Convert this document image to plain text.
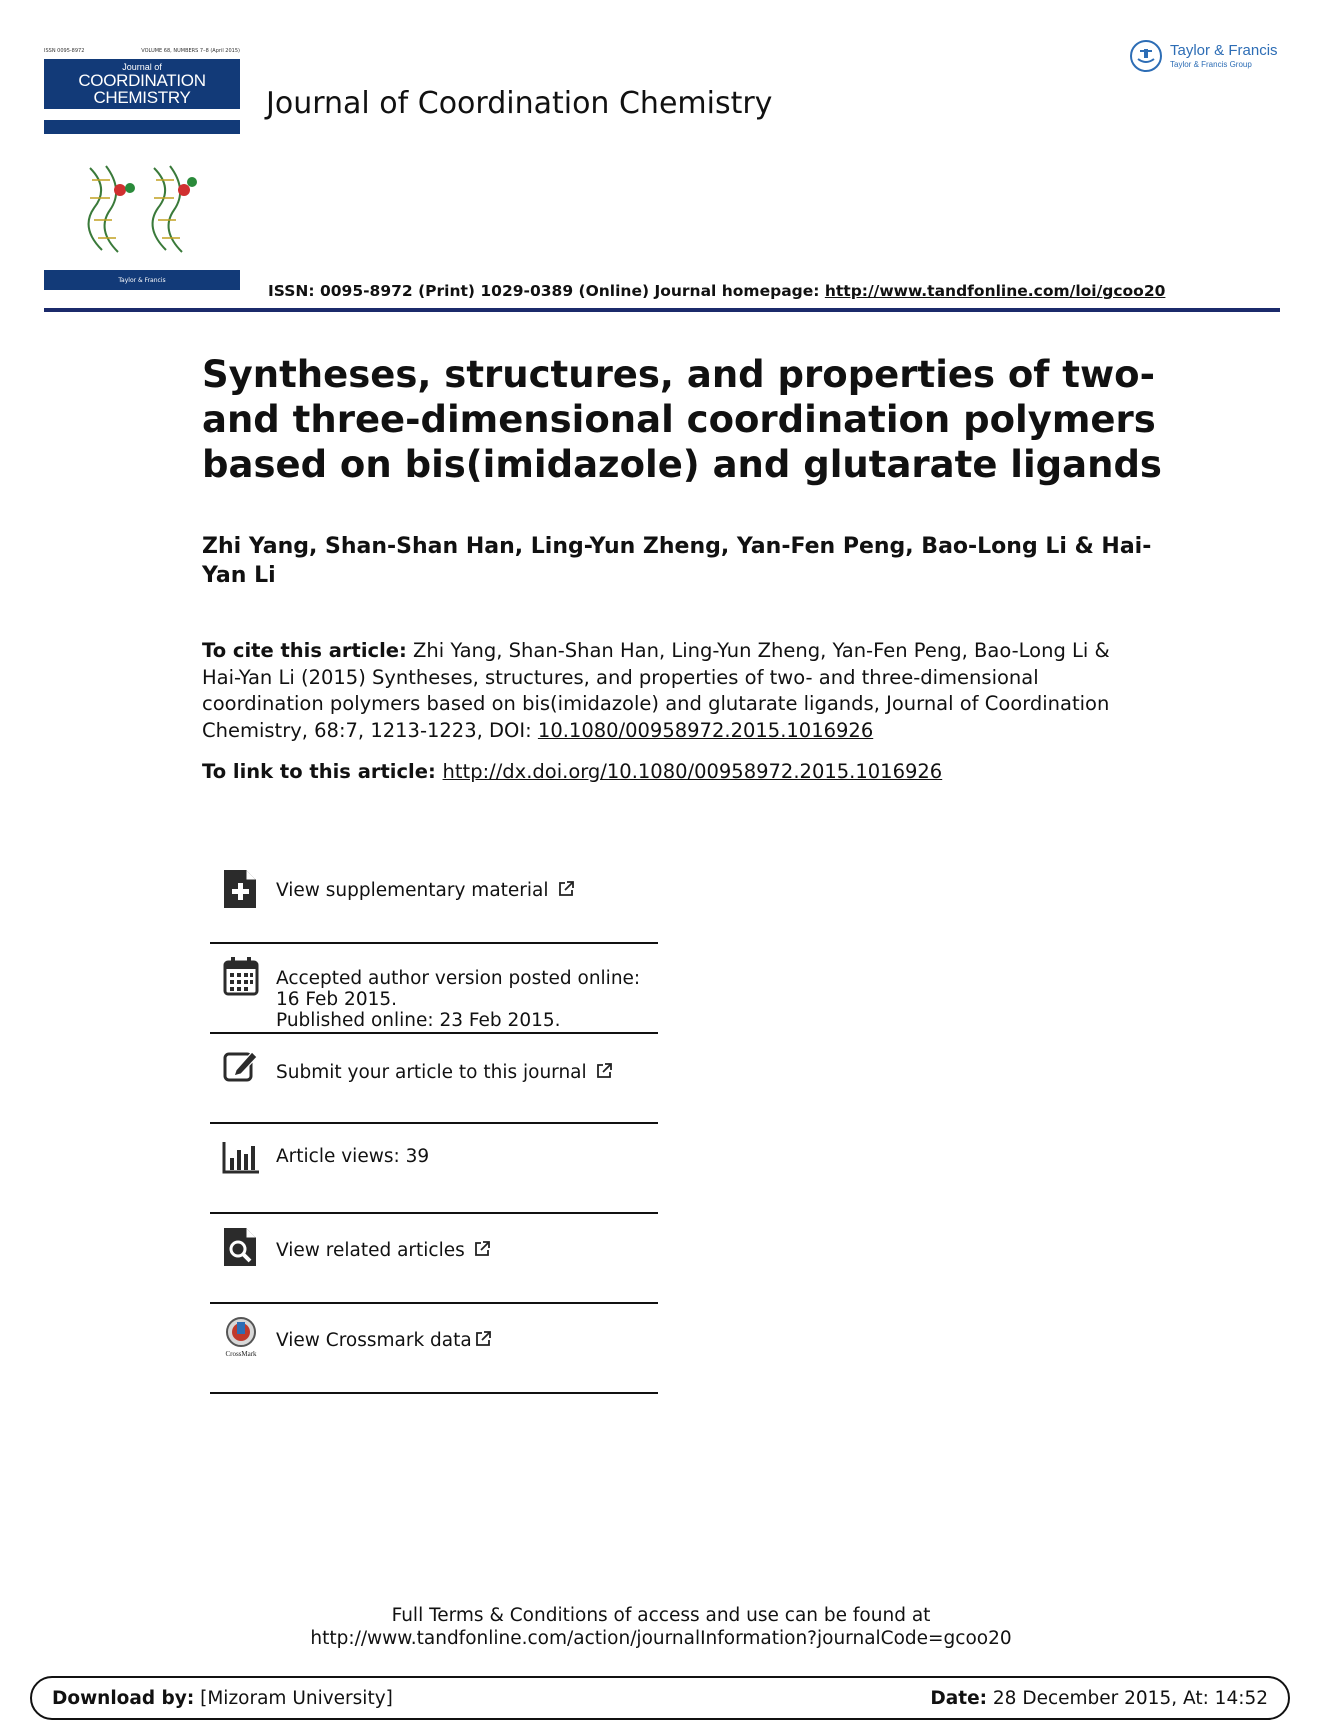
ISSN 0095-8972	VOLUME 68, NUMBERS 7–8 (April 2015)
Journal of
COORDINATION
CHEMISTRY
Taylor & Francis
Journal of Coordination Chemistry
Taylor & Francis
Taylor & Francis Group
ISSN: 0095-8972 (Print) 1029-0389 (Online) Journal homepage: http://www.tandfonline.com/loi/gcoo20
Syntheses, structures, and properties of two- and three-dimensional coordination polymers based on bis(imidazole) and glutarate ligands
Zhi Yang, Shan-Shan Han, Ling-Yun Zheng, Yan-Fen Peng, Bao-Long Li & Hai-Yan Li
To cite this article: Zhi Yang, Shan-Shan Han, Ling-Yun Zheng, Yan-Fen Peng, Bao-Long Li & Hai-Yan Li (2015) Syntheses, structures, and properties of two- and three-dimensional coordination polymers based on bis(imidazole) and glutarate ligands, Journal of Coordination Chemistry, 68:7, 1213-1223, DOI: 10.1080/00958972.2015.1016926
To link to this article: http://dx.doi.org/10.1080/00958972.2015.1016926
View supplementary material
Accepted author version posted online: 16 Feb 2015.
Published online: 23 Feb 2015.
Submit your article to this journal
Article views: 39
View related articles
CrossMark
View Crossmark data
Full Terms & Conditions of access and use can be found at
http://www.tandfonline.com/action/journalInformation?journalCode=gcoo20
Download by: [Mizoram University]	Date: 28 December 2015, At: 14:52
